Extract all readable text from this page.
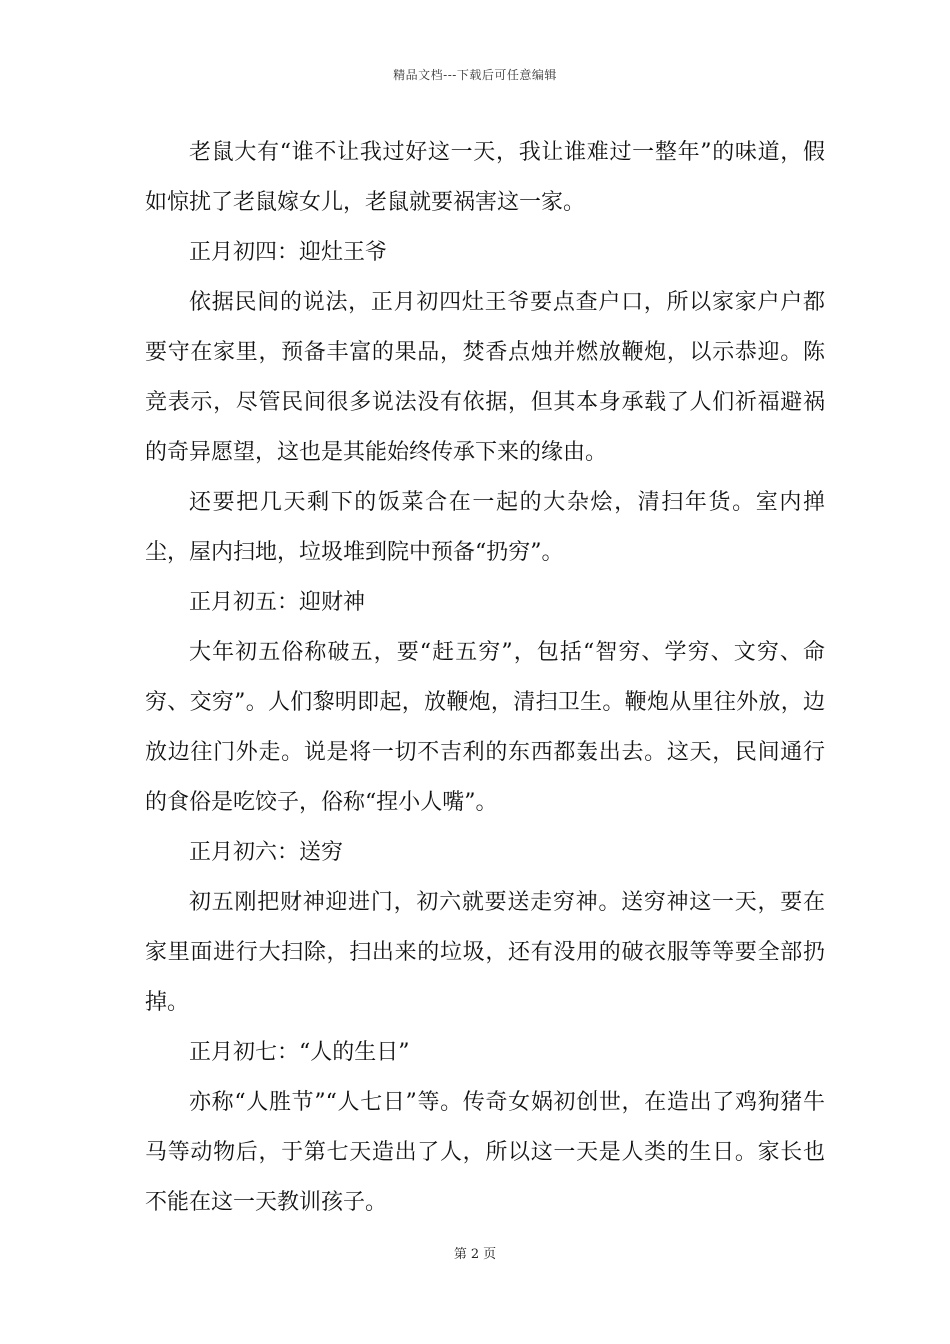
精品文档---下载后可任意编辑

老鼠大有“谁不让我过好这一天，我让谁难过一整年”的味道，假如惊扰了老鼠嫁女儿，老鼠就要祸害这一家。

正月初四：迎灶王爷

依据民间的说法，正月初四灶王爷要点查户口，所以家家户户都要守在家里，预备丰富的果品，焚香点烛并燃放鞭炮，以示恭迎。陈竞表示，尽管民间很多说法没有依据，但其本身承载了人们祈福避祸的奇异愿望，这也是其能始终传承下来的缘由。

还要把几天剩下的饭菜合在一起的大杂烩，清扫年货。室内掸尘，屋内扫地，垃圾堆到院中预备“扔穷”。

正月初五：迎财神

大年初五俗称破五，要“赶五穷”，包括“智穷、学穷、文穷、命穷、交穷”。人们黎明即起，放鞭炮，清扫卫生。鞭炮从里往外放，边放边往门外走。说是将一切不吉利的东西都轰出去。这天，民间通行的食俗是吃饺子，俗称“捏小人嘴”。

正月初六：送穷

初五刚把财神迎进门，初六就要送走穷神。送穷神这一天，要在家里面进行大扫除，扫出来的垃圾，还有没用的破衣服等等要全部扔掉。

正月初七：“人的生日”

亦称“人胜节”“人七日”等。传奇女娲初创世，在造出了鸡狗猪牛马等动物后，于第七天造出了人，所以这一天是人类的生日。家长也不能在这一天教训孩子。

第 2 页
